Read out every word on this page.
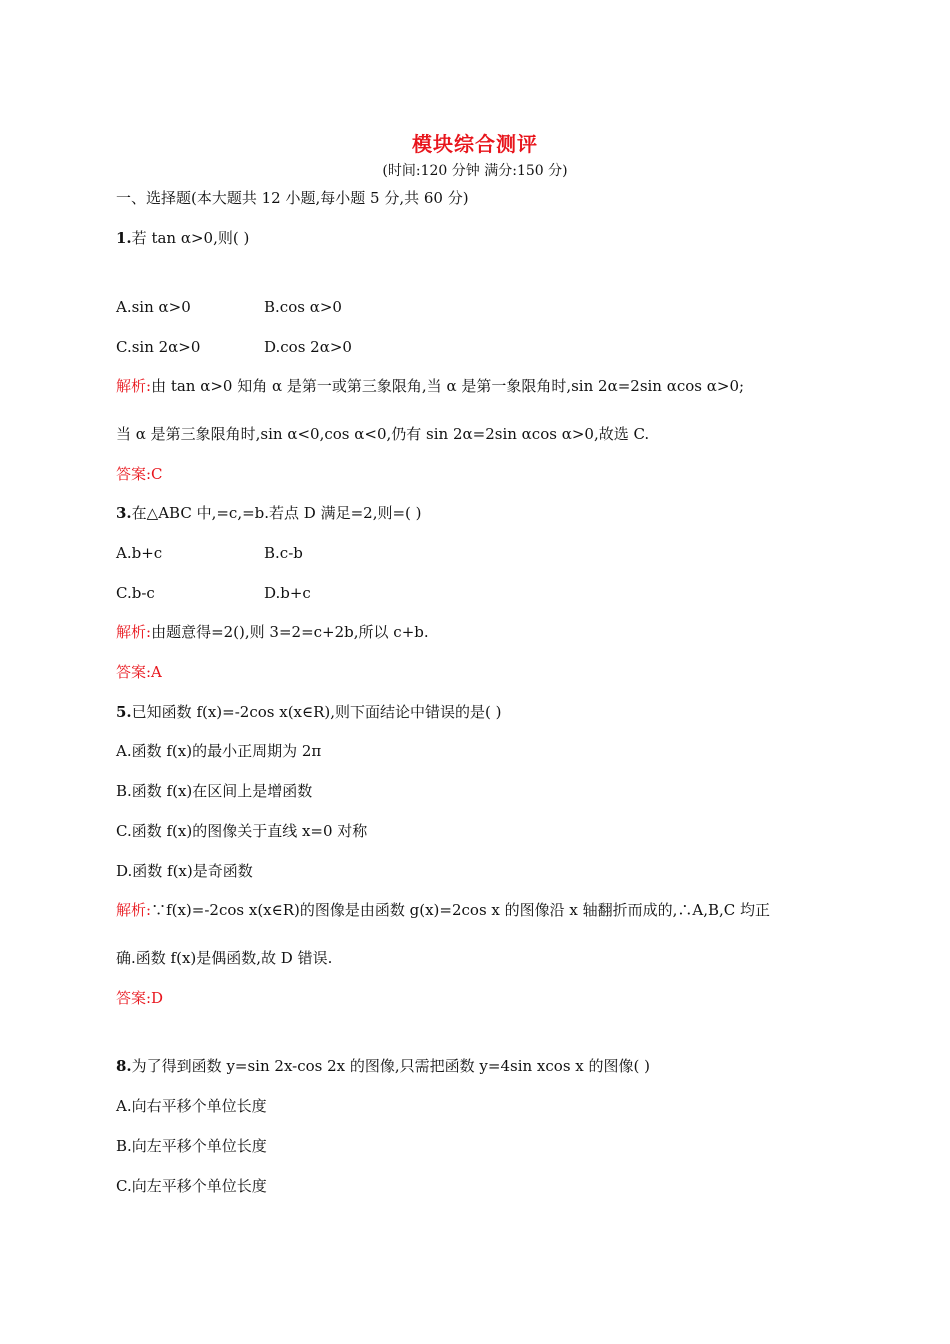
模块综合测评
(时间:120 分钟 满分:150 分)
一、选择题(本大题共 12 小题,每小题 5 分,共 60 分)
1.若 tan α>0,则( )
A.sin α>0	B.cos α>0
C.sin 2α>0	D.cos 2α>0
解析:由 tan α>0 知角 α 是第一或第三象限角,当 α 是第一象限角时,sin 2α=2sin αcos α>0;
当 α 是第三象限角时,sin α<0,cos α<0,仍有 sin 2α=2sin αcos α>0,故选 C.
答案:C
3.在△ABC 中,=c,=b.若点 D 满足=2,则=( )
A.b+c	B.c-b
C.b-c	D.b+c
解析:由题意得=2(),则 3=2=c+2b,所以 c+b.
答案:A
5.已知函数 f(x)=-2cos x(x∈R),则下面结论中错误的是( )
A.函数 f(x)的最小正周期为 2π
B.函数 f(x)在区间上是增函数
C.函数 f(x)的图像关于直线 x=0 对称
D.函数 f(x)是奇函数
解析:∵f(x)=-2cos x(x∈R)的图像是由函数 g(x)=2cos x 的图像沿 x 轴翻折而成的,∴A,B,C 均正
确.函数 f(x)是偶函数,故 D 错误.
答案:D
8.为了得到函数 y=sin 2x-cos 2x 的图像,只需把函数 y=4sin xcos x 的图像( )
A.向右平移个单位长度
B.向左平移个单位长度
C.向左平移个单位长度
